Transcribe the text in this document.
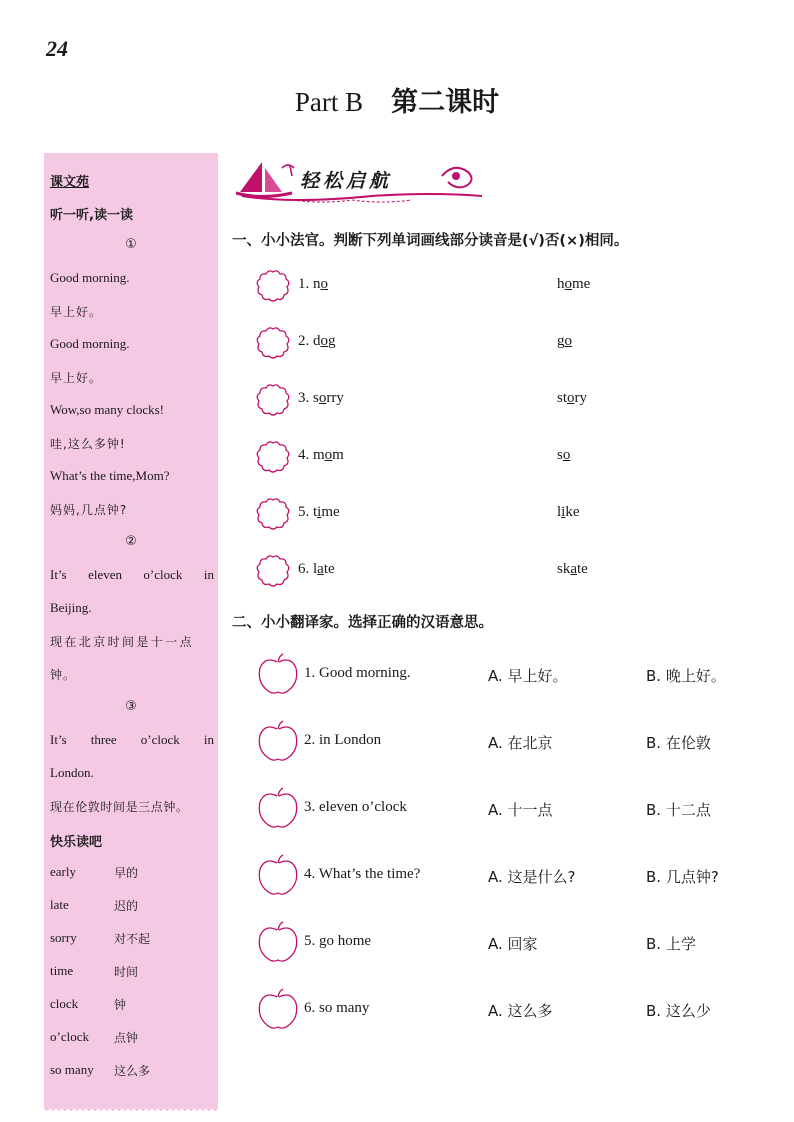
24
Part B 第二课时
课文苑
听一听,读一读
①
Good morning.
早上好。
Good morning.
早上好。
Wow,so many clocks!
哇,这么多钟!
What’s the time,Mom?
妈妈,几点钟?
②
It’s eleven o’clock in
Beijing.
现在北京时间是十一点
钟。
③
It’s three o’clock in
London.
现在伦敦时间是三点钟。
快乐读吧
early	早的
late	迟的
sorry	对不起
time	时间
clock	钟
o’clock 点钟
so many 这么多
轻松启航
一、小小法官。判断下列单词画线部分读音是(√)否(×)相同。
1. no	home
2. dog	go
3. sorry	story
4. mom	so
5. time	like
6. late	skate
二、小小翻译家。选择正确的汉语意思。
1. Good morning.	A. 早上好。	B. 晚上好。
2. in London	A. 在北京	B. 在伦敦
3. eleven o’clock	A. 十一点	B. 十二点
4. What’s the time?	A. 这是什么?	B. 几点钟?
5. go home	A. 回家	B. 上学
6. so many	A. 这么多	B. 这么少
